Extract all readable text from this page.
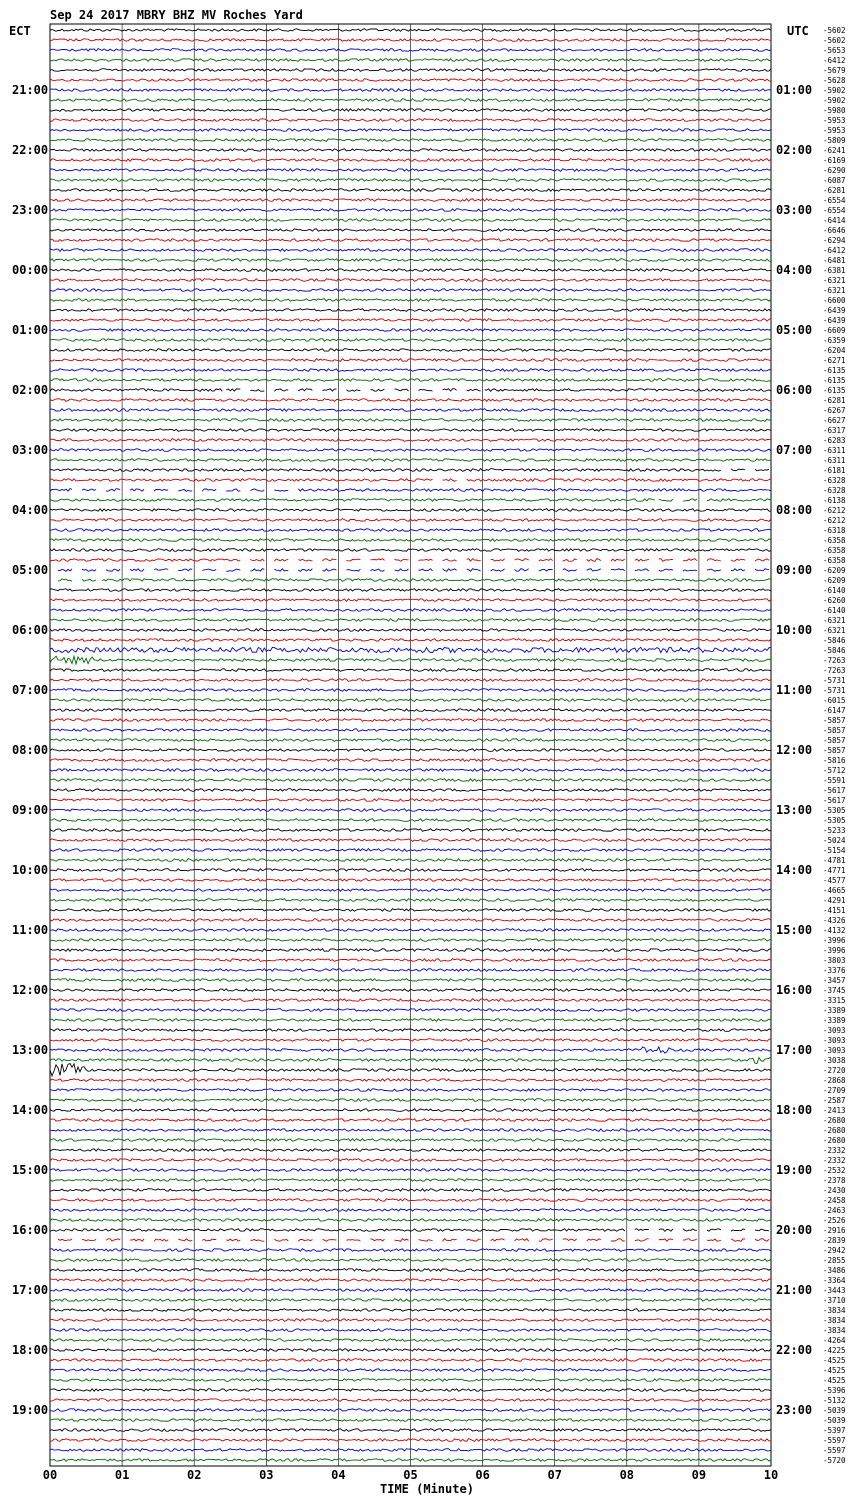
21:00
22:00
23:00
00:00
01:00
02:00
03:00
04:00
05:00
06:00
07:00
08:00
09:00
10:00
11:00
12:00
13:00
14:00
15:00
16:00
17:00
18:00
19:00
01:00
02:00
03:00
04:00
05:00
06:00
07:00
08:00
09:00
10:00
11:00
12:00
13:00
14:00
15:00
16:00
17:00
18:00
19:00
20:00
21:00
22:00
23:00
-5602
-5602
-5653
-6412
-5679
-5628
-5902
-5902
-5980
-5953
-5953
-5809
-6241
-6169
-6290
-6087
-6281
-6554
-6554
-6414
-6646
-6294
-6412
-6481
-6381
-6321
-6321
-6600
-6439
-6439
-6609
-6359
-6204
-6271
-6135
-6135
-6135
-6281
-6267
-6627
-6317
-6283
-6311
-6311
-6181
-6328
-6328
-6138
-6212
-6212
-6318
-6358
-6358
-6358
-6209
-6209
-6140
-6260
-6140
-6321
-6321
-5846
-5846
-7263
-7263
-5731
-5731
-6015
-6147
-5857
-5857
-5857
-5857
-5816
-5712
-5591
-5617
-5617
-5305
-5305
-5233
-5024
-5154
-4781
-4771
-4577
-4665
-4291
-4151
-4326
-4132
-3996
-3996
-3803
-3376
-3457
-3745
-3315
-3389
-3389
-3093
-3093
-3093
-3038
-2720
-2868
-2709
-2587
-2413
-2680
-2680
-2680
-2332
-2332
-2532
-2378
-2430
-2458
-2463
-2526
-2916
-2839
-2942
-2855
-3486
-3364
-3443
-3710
-3834
-3834
-3834
-4264
-4225
-4525
-4525
-4525
-5396
-5132
-5039
-5039
-5397
-5597
-5597
-5720
00	01	02	03	04	05	06	07	08	09	10
Sep 24 2017 MBRY BHZ MV Roches Yard
ECT	UTC
TIME (Minute)
